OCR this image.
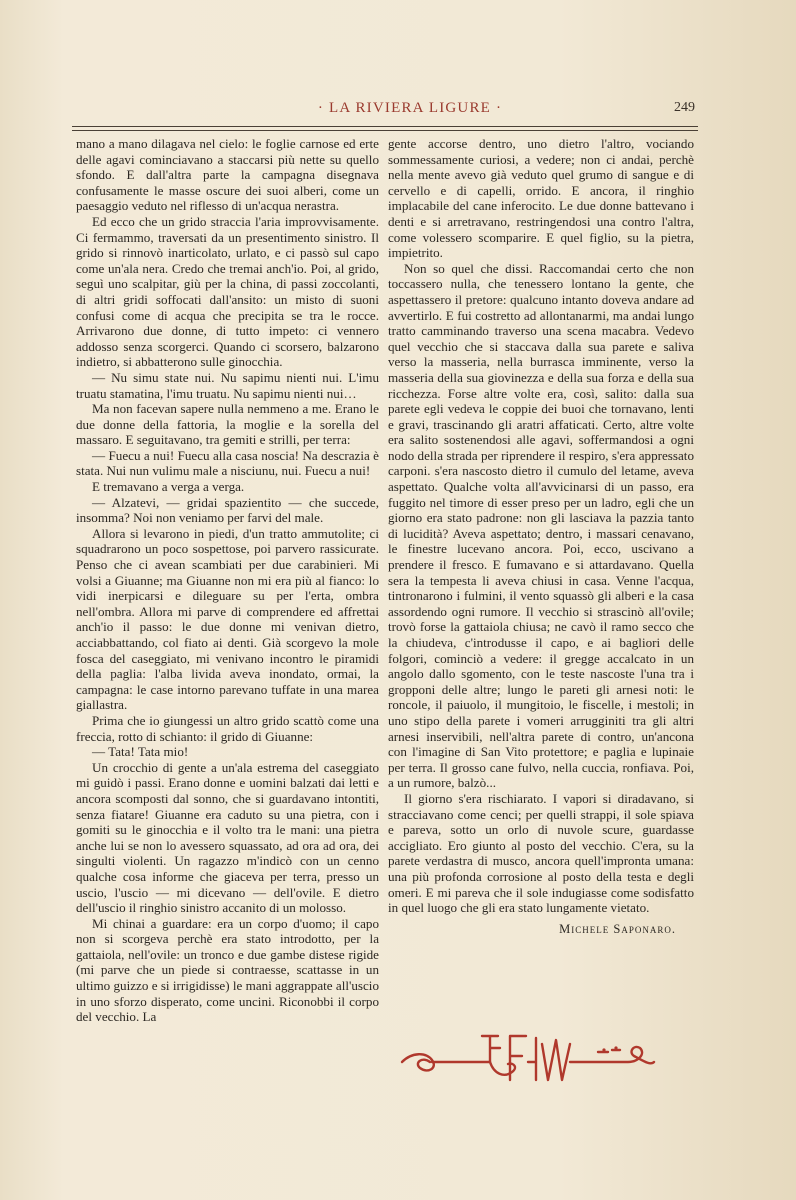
· LA RIVIERA LIGURE ·	249

mano a mano dilagava nel cielo: le foglie carnose ed erte delle agavi cominciavano a staccarsi più nette su quello sfondo. E dall'altra parte la campagna disegnava confusamente le masse oscure dei suoi alberi, come un paesaggio veduto nel riflesso di un'acqua nerastra.

Ed ecco che un grido straccia l'aria improvvisamente. Ci fermammo, traversati da un presentimento sinistro. Il grido si rinnovò inarticolato, urlato, e ci passò sul capo come un'ala nera. Credo che tremai anch'io. Poi, al grido, seguì uno scalpitar, giù per la china, di passi zoccolanti, di altri gridi soffocati dall'ansito: un misto di suoni confusi come di acqua che precipita se tra le rocce. Arrivarono due donne, di tutto impeto: ci vennero addosso senza scorgerci. Quando ci scorsero, balzarono indietro, si abbatterono sulle ginocchia.

— Nu simu state nui. Nu sapimu nienti nui. L'imu truatu stamatina, l'imu truatu. Nu sapimu nienti nui…

Ma non facevan sapere nulla nemmeno a me. Erano le due donne della fattoria, la moglie e la sorella del massaro. E seguitavano, tra gemiti e strilli, per terra:

— Fuecu a nui! Fuecu alla casa noscia! Na descrazia è stata. Nui nun vulimu male a nisciunu, nui. Fuecu a nui!

E tremavano a verga a verga.

— Alzatevi, — gridai spazientito — che succede, insomma? Noi non veniamo per farvi del male.

Allora si levarono in piedi, d'un tratto ammutolite; ci squadrarono un poco sospettose, poi parvero rassicurate. Penso che ci avean scambiati per due carabinieri. Mi volsi a Giuanne; ma Giuanne non mi era più al fianco: lo vidi inerpicarsi e dileguare su per l'erta, ombra nell'ombra. Allora mi parve di comprendere ed affrettai anch'io il passo: le due donne mi venivan dietro, acciabbattando, col fiato ai denti. Già scorgevo la mole fosca del caseggiato, mi venivano incontro le piramidi della paglia: l'alba livida aveva inondato, ormai, la campagna: le case intorno parevano tuffate in una marea giallastra.

Prima che io giungessi un altro grido scattò come una freccia, rotto di schianto: il grido di Giuanne:

— Tata! Tata mio!

Un crocchio di gente a un'ala estrema del caseggiato mi guidò i passi. Erano donne e uomini balzati dai letti e ancora scomposti dal sonno, che si guardavano intontiti, senza fiatare! Giuanne era caduto su una pietra, con i gomiti su le ginocchia e il volto tra le mani: una pietra anche lui se non lo avessero squassato, ad ora ad ora, dei singulti violenti. Un ragazzo m'indicò con un cenno qualche cosa informe che giaceva per terra, presso un uscio, l'uscio — mi dicevano — dell'ovile. E dietro dell'uscio il ringhio sinistro accanito di un molosso.

Mi chinai a guardare: era un corpo d'uomo; il capo non si scorgeva perchè era stato introdotto, per la gattaiola, nell'ovile: un tronco e due gambe distese rigide (mi parve che un piede si contraesse, scattasse in un ultimo guizzo e si irrigidisse) le mani aggrappate all'uscio in uno sforzo disperato, come uncini. Riconobbi il corpo del vecchio. La

gente accorse dentro, uno dietro l'altro, vociando sommessamente curiosi, a vedere; non ci andai, perchè nella mente avevo già veduto quel grumo di sangue e di cervello e di capelli, orrido. E ancora, il ringhio implacabile del cane inferocito. Le due donne battevano i denti e si arretravano, restringendosi una contro l'altra, come volessero scomparire. E quel figlio, su la pietra, impietrito.

Non so quel che dissi. Raccomandai certo che non toccassero nulla, che tenessero lontano la gente, che aspettassero il pretore: qualcuno intanto doveva andare ad avvertirlo. E fui costretto ad allontanarmi, ma andai lungo tratto camminando traverso una scena macabra. Vedevo quel vecchio che si staccava dalla sua parete e saliva verso la masseria, nella burrasca imminente, verso la masseria della sua giovinezza e della sua forza e della sua ricchezza. Forse altre volte era, così, salito: dalla sua parete egli vedeva le coppie dei buoi che tornavano, lenti e gravi, trascinando gli aratri affaticati. Certo, altre volte era salito sostenendosi alle agavi, soffermandosi a ogni nodo della strada per riprendere il respiro, s'era appressato carponi. s'era nascosto dietro il cumulo del letame, aveva aspettato. Qualche volta all'avvicinarsi di un passo, era fuggito nel timore di esser preso per un ladro, egli che un giorno era stato padrone: non gli lasciava la pazzia tanto di lucidità? Aveva aspettato; dentro, i massari cenavano, le finestre lucevano ancora. Poi, ecco, uscivano a prendere il fresco. E fumavano e si attardavano. Quella sera la tempesta li aveva chiusi in casa. Venne l'acqua, tintronarono i fulmini, il vento squassò gli alberi e la casa assordendo ogni rumore. Il vecchio si strascinò all'ovile; trovò forse la gattaiola chiusa; ne cavò il ramo secco che la chiudeva, c'introdusse il capo, e ai bagliori delle folgori, cominciò a vedere: il gregge accalcato in un angolo dallo sgomento, con le teste nascoste l'una tra i gropponi delle altre; lungo le pareti gli arnesi noti: le roncole, il paiuolo, il mungitoio, le fiscelle, i mestoli; in uno stipo della parete i vomeri arrugginiti tra gli altri arnesi inservibili, nell'altra parete di contro, un'ancona con l'imagine di San Vito protettore; e paglia e lupinaie per terra. Il grosso cane fulvo, nella cuccia, ronfiava. Poi, a un rumore, balzò...

Il giorno s'era rischiarato. I vapori si diradavano, si stracciavano come cenci; per quelli strappi, il sole spiava e pareva, sotto un orlo di nuvole scure, guardasse accigliato. Ero giunto al posto del vecchio. C'era, su la parete verdastra di musco, ancora quell'impronta umana: una più profonda corrosione al posto della testa e degli omeri. E mi pareva che il sole indugiasse come sodisfatto in quel luogo che gli era stato lungamente vietato.

Michele Saponaro.
